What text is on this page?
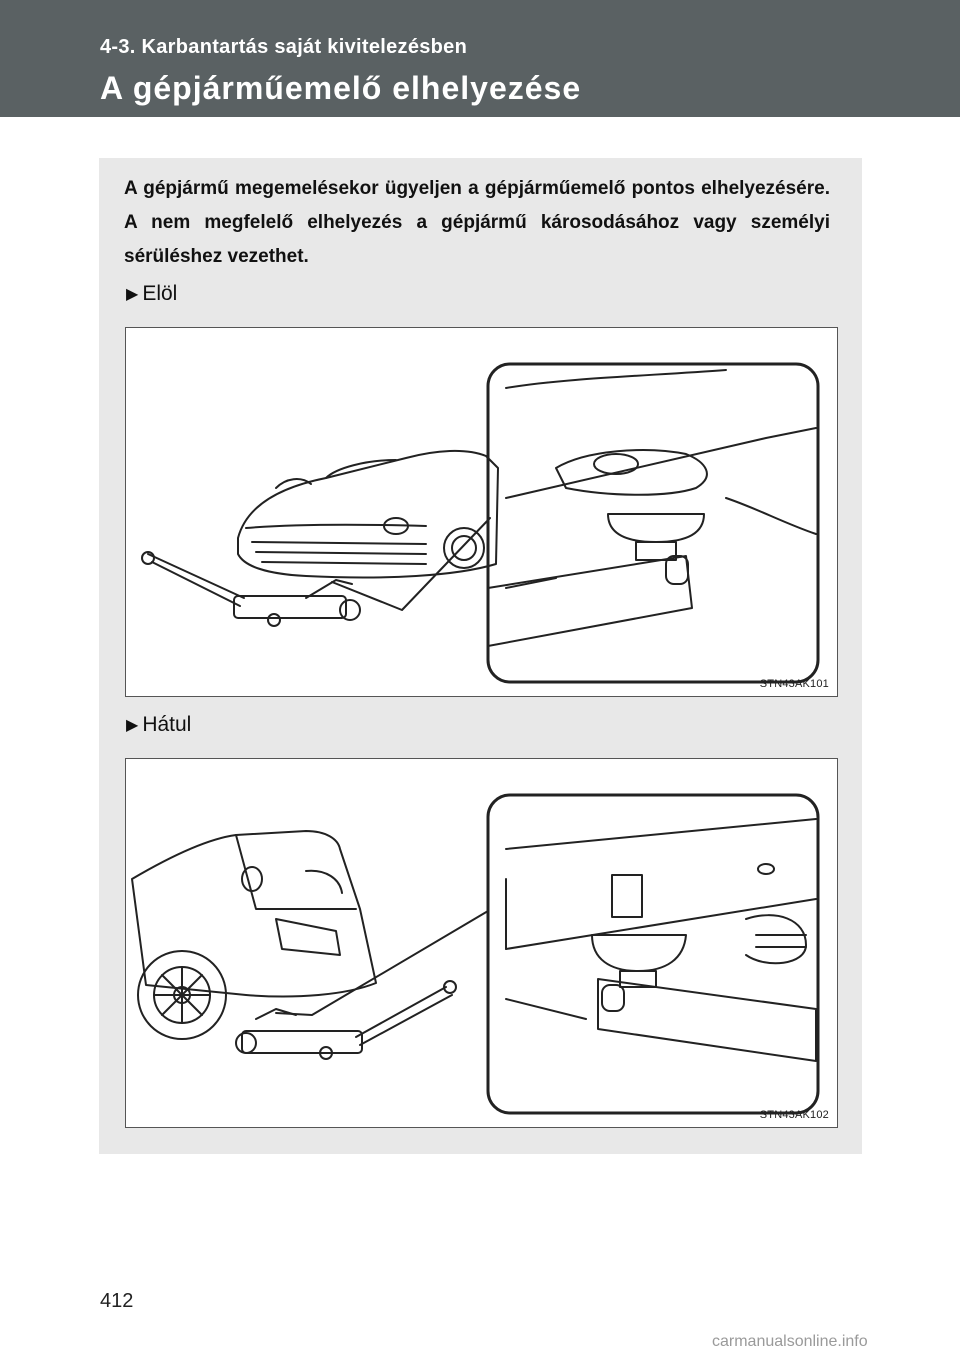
4-3. Karbantartás saját kivitelezésben
A gépjárműemelő elhelyezése
A gépjármű megemelésekor ügyeljen a gépjárműemelő pontos elhelyezésére. A nem megfelelő elhelyezés a gépjármű károsodásához vagy személyi sérüléshez vezethet.
▶ Elöl
STN43AK101
▶ Hátul
STN43AK102
412
carmanualsonline.info
